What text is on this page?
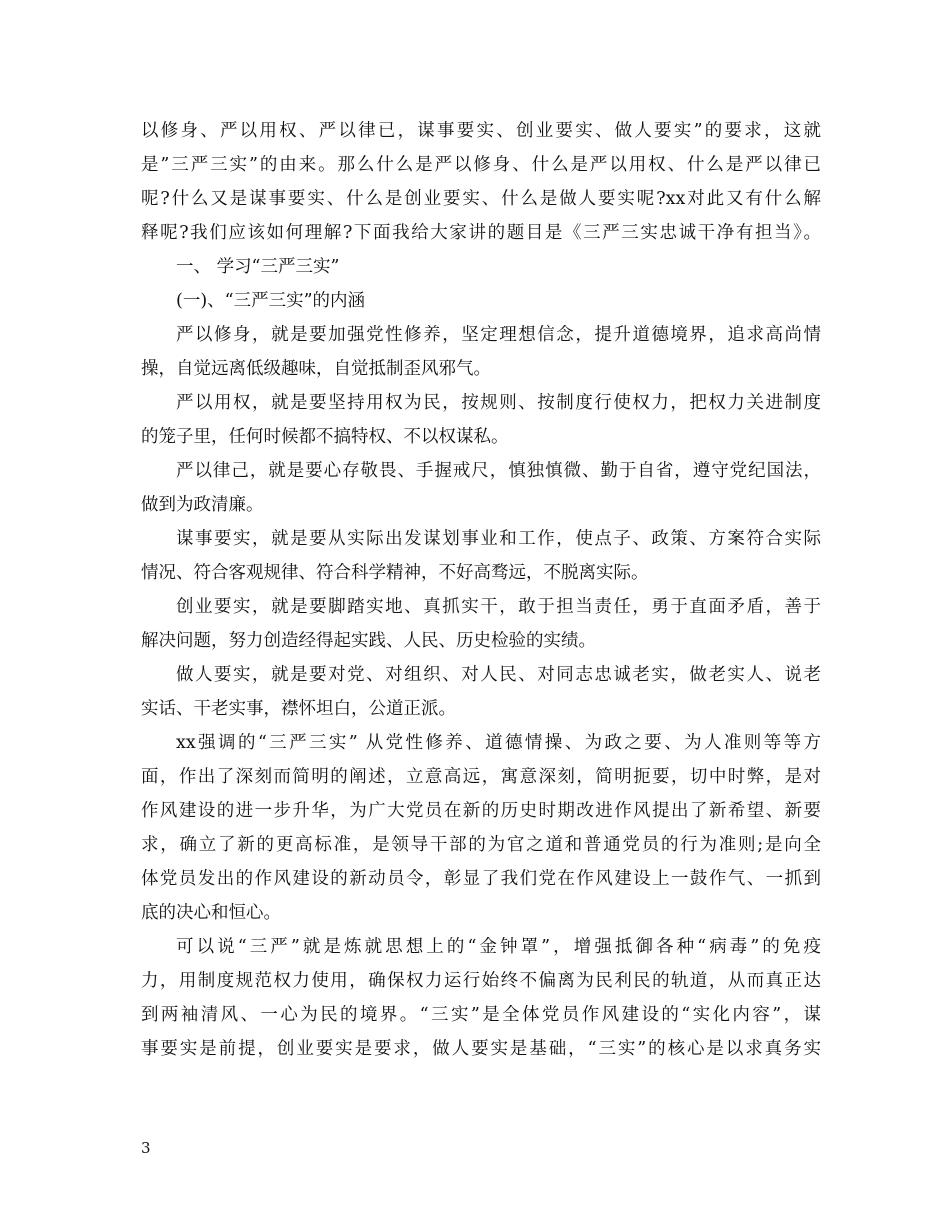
以修身、严以用权、严以律已，谋事要实、创业要实、做人要实”的要求，这就
是”三严三实”的由来。那么什么是严以修身、什么是严以用权、什么是严以律已
呢?什么又是谋事要实、什么是创业要实、什么是做人要实呢?xx对此又有什么解
释呢?我们应该如何理解?下面我给大家讲的题目是《三严三实忠诚干净有担当》。
一、 学习“三严三实”
(一)、“三严三实”的内涵
严以修身，就是要加强党性修养，坚定理想信念，提升道德境界，追求高尚情
操，自觉远离低级趣味，自觉抵制歪风邪气。
严以用权，就是要坚持用权为民，按规则、按制度行使权力，把权力关进制度
的笼子里，任何时候都不搞特权、不以权谋私。
严以律己，就是要心存敬畏、手握戒尺，慎独慎微、勤于自省，遵守党纪国法，
做到为政清廉。
谋事要实，就是要从实际出发谋划事业和工作，使点子、政策、方案符合实际
情况、符合客观规律、符合科学精神，不好高骛远，不脱离实际。
创业要实，就是要脚踏实地、真抓实干，敢于担当责任，勇于直面矛盾，善于
解决问题，努力创造经得起实践、人民、历史检验的实绩。
做人要实，就是要对党、对组织、对人民、对同志忠诚老实，做老实人、说老
实话、干老实事，襟怀坦白，公道正派。
xx强调的“三严三实” 从党性修养、道德情操、为政之要、为人准则等等方
面，作出了深刻而简明的阐述，立意高远，寓意深刻，简明扼要，切中时弊，是对
作风建设的进一步升华，为广大党员在新的历史时期改进作风提出了新希望、新要
求，确立了新的更高标准，是领导干部的为官之道和普通党员的行为准则;是向全
体党员发出的作风建设的新动员令，彰显了我们党在作风建设上一鼓作气、一抓到
底的决心和恒心。
可以说“三严”就是炼就思想上的“金钟罩”，增强抵御各种“病毒”的免疫
力，用制度规范权力使用，确保权力运行始终不偏离为民利民的轨道，从而真正达
到两袖清风、一心为民的境界。“三实”是全体党员作风建设的“实化内容”，谋
事要实是前提，创业要实是要求，做人要实是基础，“三实”的核心是以求真务实
3
